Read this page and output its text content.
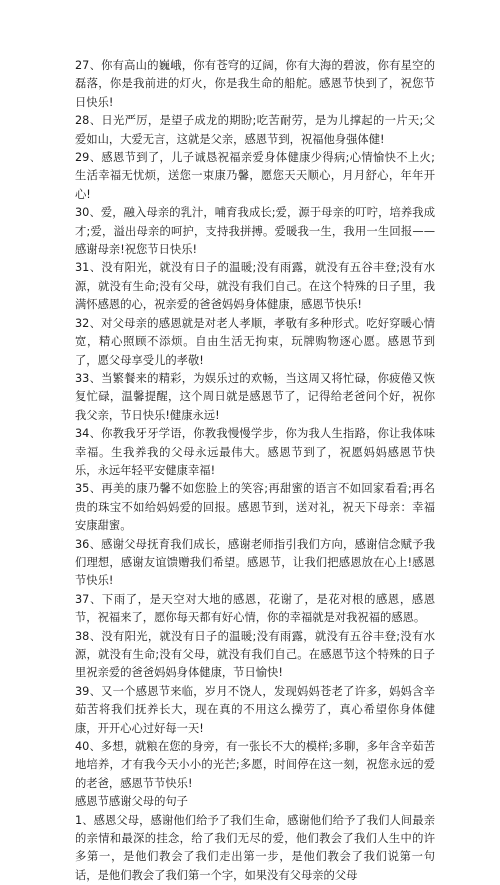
27、你有高山的巍峨，你有苍穹的辽阔，你有大海的碧波，你有星空的磊落，你是我前进的灯火，你是我生命的船舵。感恩节快到了，祝您节日快乐!

28、日光严厉，是望子成龙的期盼;吃苦耐劳，是为儿撑起的一片天;父爱如山，大爱无言，这就是父亲，感恩节到，祝福他身强体健!

29、感恩节到了，儿子诚恳祝福亲爱身体健康少得病;心情愉快不上火;生活幸福无忧烦，送您一束康乃馨，愿您天天顺心，月月舒心，年年开心!

30、爱，融入母亲的乳汁，哺育我成长;爱，源于母亲的叮咛，培养我成才;爱，溢出母亲的呵护，支持我拼搏。爱暖我一生，我用一生回报——感谢母亲!祝您节日快乐!

31、没有阳光，就没有日子的温暖;没有雨露，就没有五谷丰登;没有水源，就没有生命;没有父母，就没有我们自己。在这个特殊的日子里，我满怀感恩的心，祝亲爱的爸爸妈妈身体健康，感恩节快乐!

32、对父母亲的感恩就是对老人孝顺，孝敬有多种形式。吃好穿暖心情宽，精心照顾不添烦。自由生活无拘束，玩牌购物逐心愿。感恩节到了，愿父母享受儿的孝敬!

33、当繁餐来的精彩，为娱乐过的欢畅，当这周又将忙碌，你疲倦又恢复忙碌，温馨提醒，这个周日就是感恩节了，记得给老爸问个好，祝你我父亲，节日快乐!健康永远!

34、你教我牙牙学语，你教我慢慢学步，你为我人生指路，你让我体味幸福。生我养我的父母永远最伟大。感恩节到了，祝愿妈妈感恩节快乐，永远年轻平安健康幸福!

35、再美的康乃馨不如您脸上的笑容;再甜蜜的语言不如回家看看;再名贵的珠宝不如给妈妈爱的回报。感恩节到，送对礼，祝天下母亲：幸福安康甜蜜。

36、感谢父母抚育我们成长，感谢老师指引我们方向，感谢信念赋予我们理想，感谢友谊馈赠我们希望。感恩节，让我们把感恩放在心上!感恩节快乐!

37、下雨了，是天空对大地的感恩，花谢了，是花对根的感恩，感恩节，祝福来了，愿你每天都有好心情，你的幸福就是对我祝福的感恩。

38、没有阳光，就没有日子的温暖;没有雨露，就没有五谷丰登;没有水源，就没有生命;没有父母，就没有我们自己。在感恩节这个特殊的日子里祝亲爱的爸爸妈妈身体健康，节日愉快!

39、又一个感恩节来临，岁月不饶人，发现妈妈苍老了许多，妈妈含辛茹苦将我们抚养长大，现在真的不用这么操劳了，真心希望你身体健康，开开心心过好每一天!

40、多想，就粮在您的身旁，有一张长不大的模样;多聊，多年含辛茹苦地培养，才有我今天小小的光芒;多愿，时间停在这一刻，祝您永远的爱的老爸，感恩节节快乐!

感恩节感谢父母的句子

1、感恩父母，感谢他们给予了我们生命，感谢他们给予了我们人间最亲的亲情和最深的挂念，给了我们无尽的爱，他们教会了我们人生中的许多第一，是他们教会了我们走出第一步，是他们教会了我们说第一句话，是他们教会了我们第一个字，如果没有父母亲的父母
